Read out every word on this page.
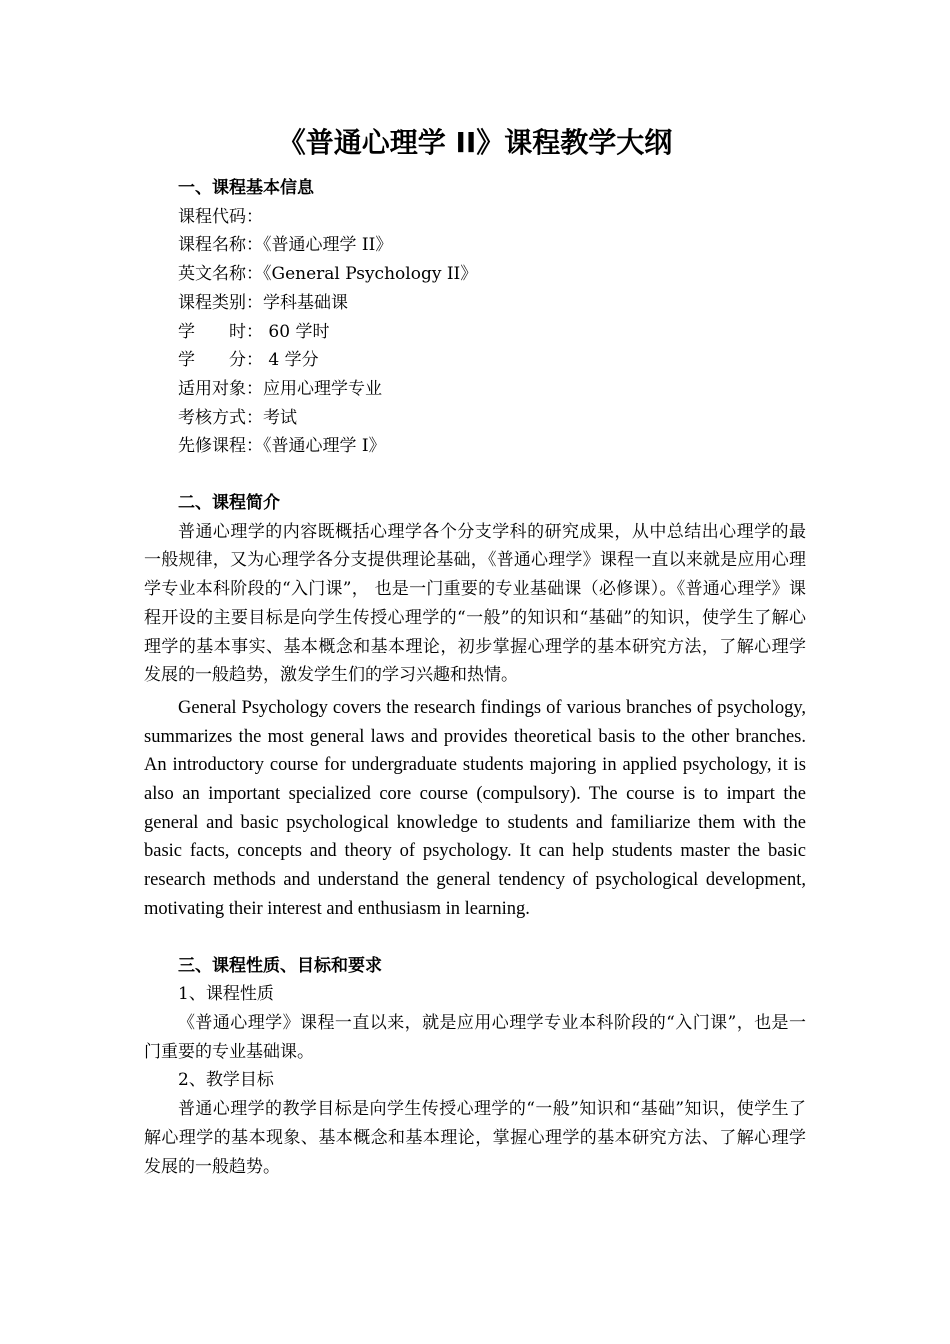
《普通心理学 II》课程教学大纲
一、课程基本信息
课程代码：
课程名称：《普通心理学 II》
英文名称：《General Psychology II》
课程类别：学科基础课
学　　时： 60 学时
学　　分： 4 学分
适用对象：应用心理学专业
考核方式：考试
先修课程：《普通心理学 I》
二、课程简介

普通心理学的内容既概括心理学各个分支学科的研究成果，从中总结出心理学的最一般规律，又为心理学各分支提供理论基础，《普通心理学》课程一直以来就是应用心理学专业本科阶段的“入门课”， 也是一门重要的专业基础课（必修课）。《普通心理学》课程开设的主要目标是向学生传授心理学的“一般”的知识和“基础”的知识，使学生了解心理学的基本事实、基本概念和基本理论，初步掌握心理学的基本研究方法，了解心理学发展的一般趋势，激发学生们的学习兴趣和热情。

General Psychology covers the research findings of various branches of psychology, summarizes the most general laws and provides theoretical basis to the other branches. An introductory course for undergraduate students majoring in applied psychology, it is also an important specialized core course (compulsory). The course is to impart the general and basic psychological knowledge to students and familiarize them with the basic facts, concepts and theory of psychology. It can help students master the basic research methods and understand the general tendency of psychological development, motivating their interest and enthusiasm in learning.

三、课程性质、目标和要求
1、课程性质

《普通心理学》课程一直以来，就是应用心理学专业本科阶段的“入门课”，也是一门重要的专业基础课。

2、教学目标

普通心理学的教学目标是向学生传授心理学的“一般”知识和“基础”知识，使学生了解心理学的基本现象、基本概念和基本理论，掌握心理学的基本研究方法、了解心理学发展的一般趋势。
